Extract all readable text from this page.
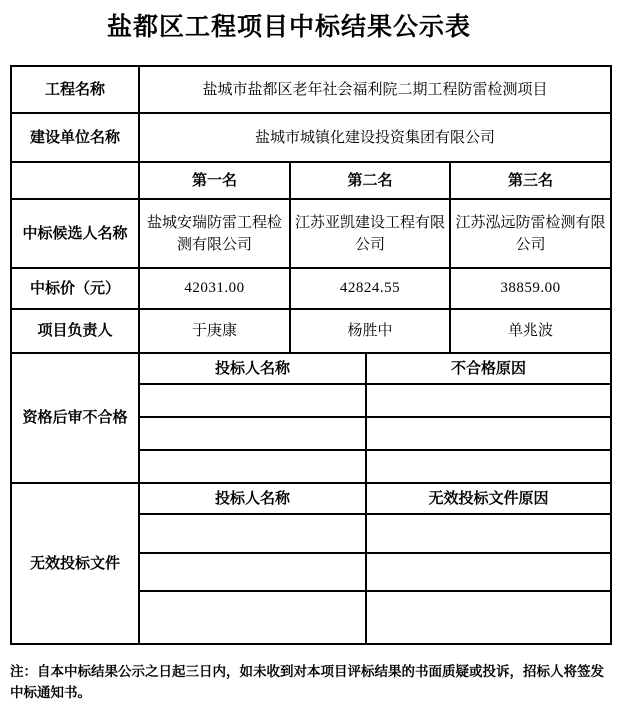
盐都区工程项目中标结果公示表
工程名称	盐城市盐都区老年社会福利院二期工程防雷检测项目			
建设单位名称	盐城市城镇化建设投资集团有限公司			
	第一名	第二名		第三名
中标候选人名称	盐城安瑞防雷工程检测有限公司	江苏亚凯建设工程有限公司		江苏泓远防雷检测有限公司
中标价（元）	42031.00	42824.55		38859.00
项目负责人	于庚康	杨胜中		单兆波
资格后审不合格	投标人名称		不合格原因	

无效投标文件	投标人名称		无效投标文件原因	

注：自本中标结果公示之日起三日内，如未收到对本项目评标结果的书面质疑或投诉，招标人将签发中标通知书。
